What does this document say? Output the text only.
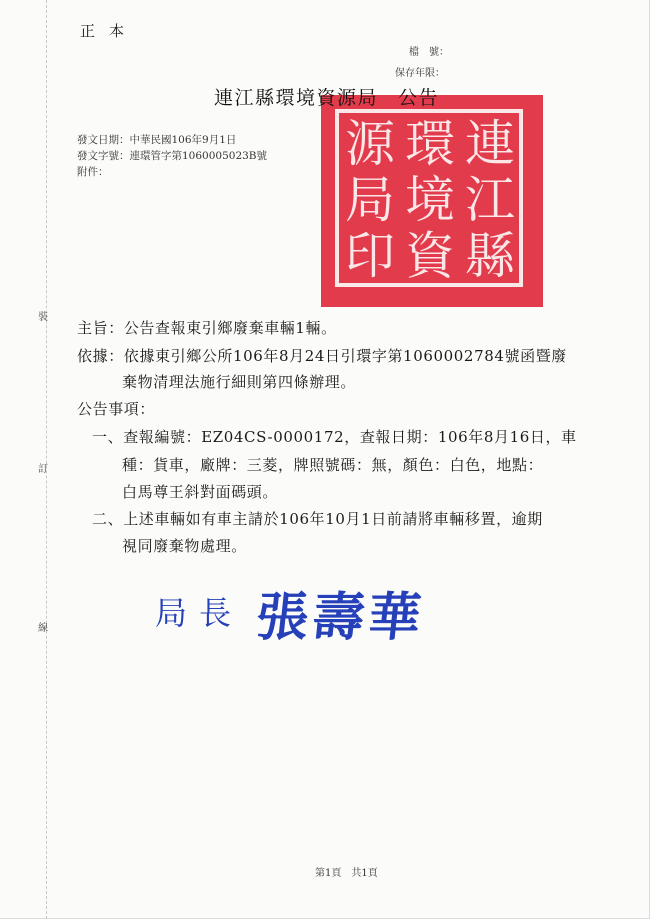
裝
訂
線
正本
檔　號：
保存年限：
連
江
縣
環
境
資
源
局
印
連江縣環境資源局 公告
發文日期：中華民國106年9月1日
發文字號：連環管字第1060005023B號
附件：
主旨：公告查報東引鄉廢棄車輛1輛。
依據：依據東引鄉公所106年8月24日引環字第1060002784號函暨廢
棄物清理法施行細則第四條辦理。
公告事項：
一、查報編號：EZ04CS-0000172，查報日期：106年8月16日，車
種：貨車，廠牌：三菱，牌照號碼：無，顏色：白色，地點：
白馬尊王斜對面碼頭。
二、上述車輛如有車主請於106年10月1日前請將車輛移置，逾期
視同廢棄物處理。
局長 張壽華
第1頁　共1頁
